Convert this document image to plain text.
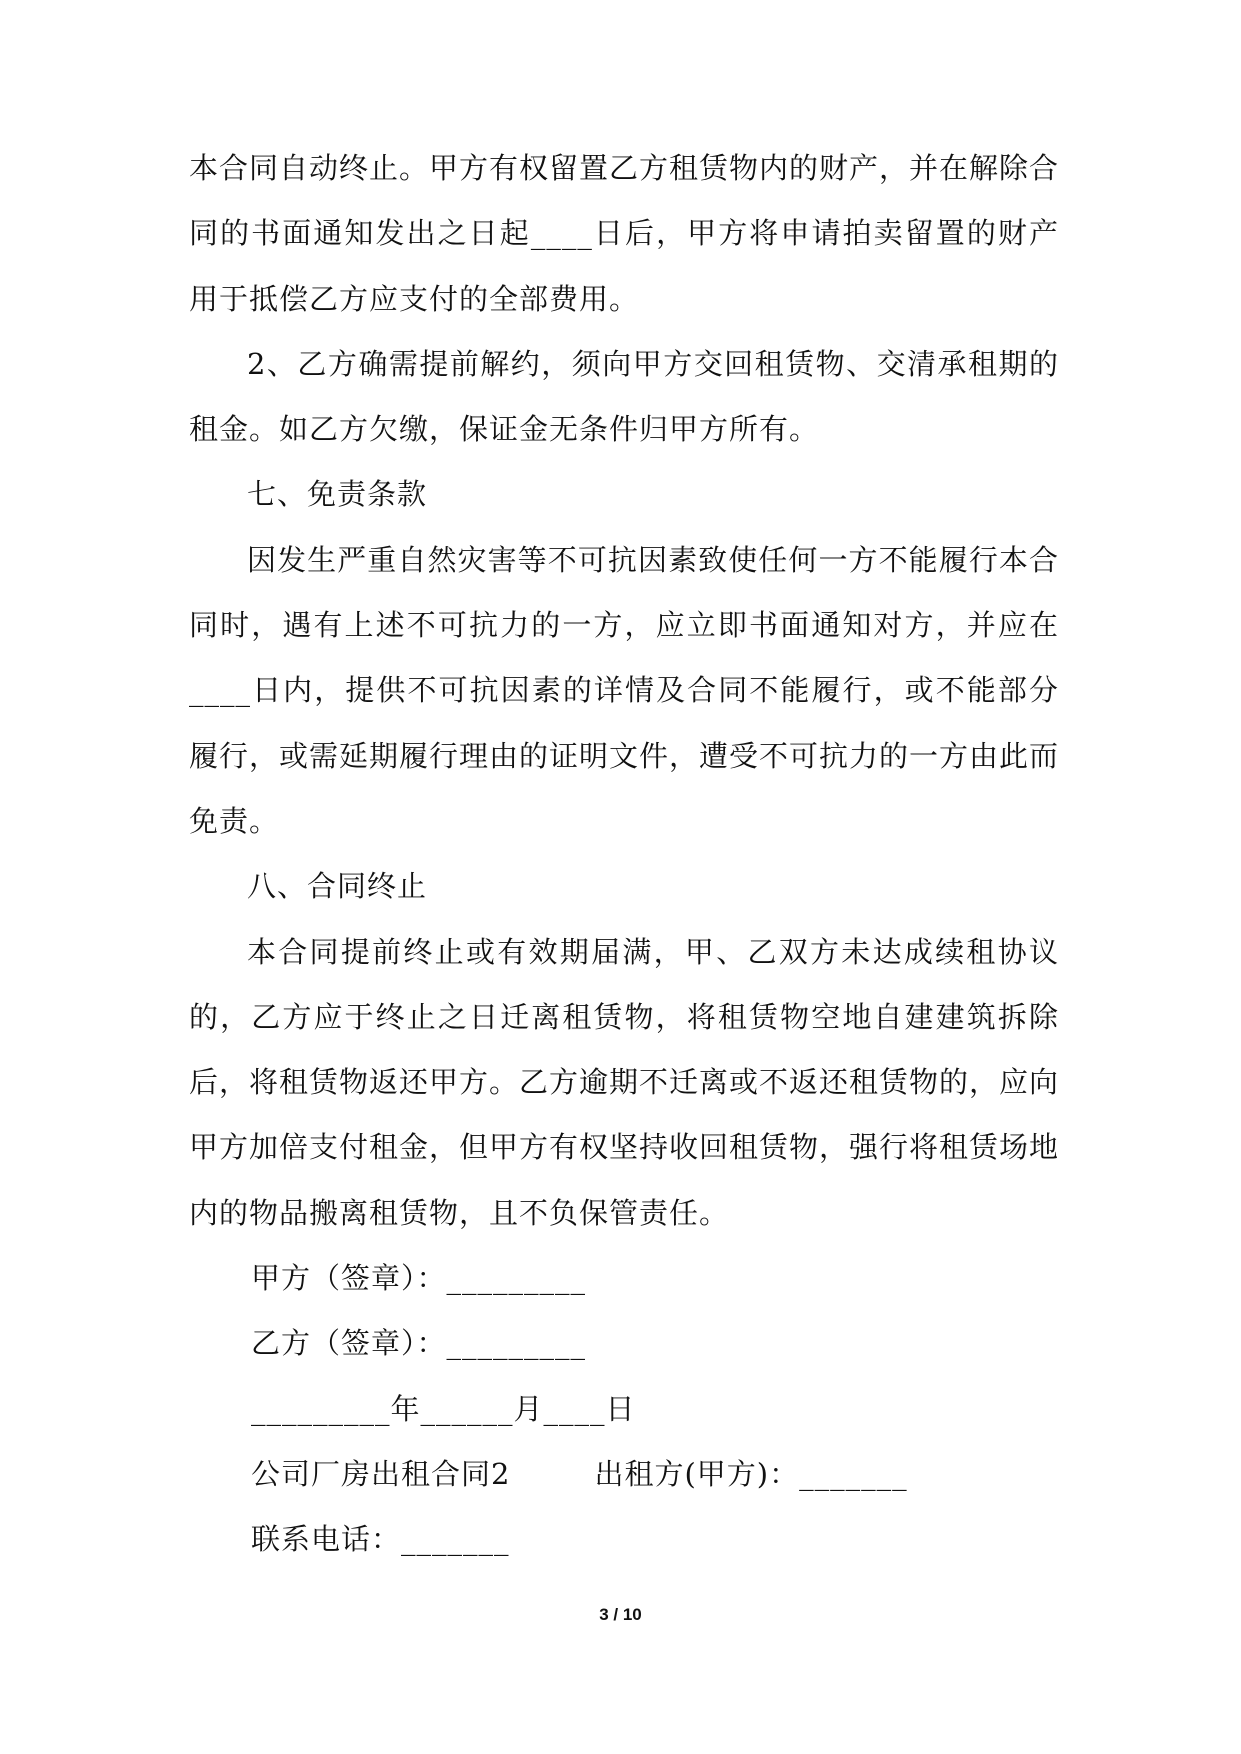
本合同自动终止。甲方有权留置乙方租赁物内的财产，并在解除合同的书面通知发出之日起____日后，甲方将申请拍卖留置的财产用于抵偿乙方应支付的全部费用。

2、乙方确需提前解约，须向甲方交回租赁物、交清承租期的租金。如乙方欠缴，保证金无条件归甲方所有。

七、免责条款

因发生严重自然灾害等不可抗因素致使任何一方不能履行本合同时，遇有上述不可抗力的一方，应立即书面通知对方，并应在____日内，提供不可抗因素的详情及合同不能履行，或不能部分履行，或需延期履行理由的证明文件，遭受不可抗力的一方由此而免责。

八、合同终止

本合同提前终止或有效期届满，甲、乙双方未达成续租协议的，乙方应于终止之日迁离租赁物，将租赁物空地自建建筑拆除后，将租赁物返还甲方。乙方逾期不迁离或不返还租赁物的，应向甲方加倍支付租金，但甲方有权坚持收回租赁物，强行将租赁场地内的物品搬离租赁物，且不负保管责任。

甲方（签章）：_________

乙方（签章）：_________

_________年______月____日

公司厂房出租合同2	出租方(甲方)：_______

联系电话：_______

3 / 10
